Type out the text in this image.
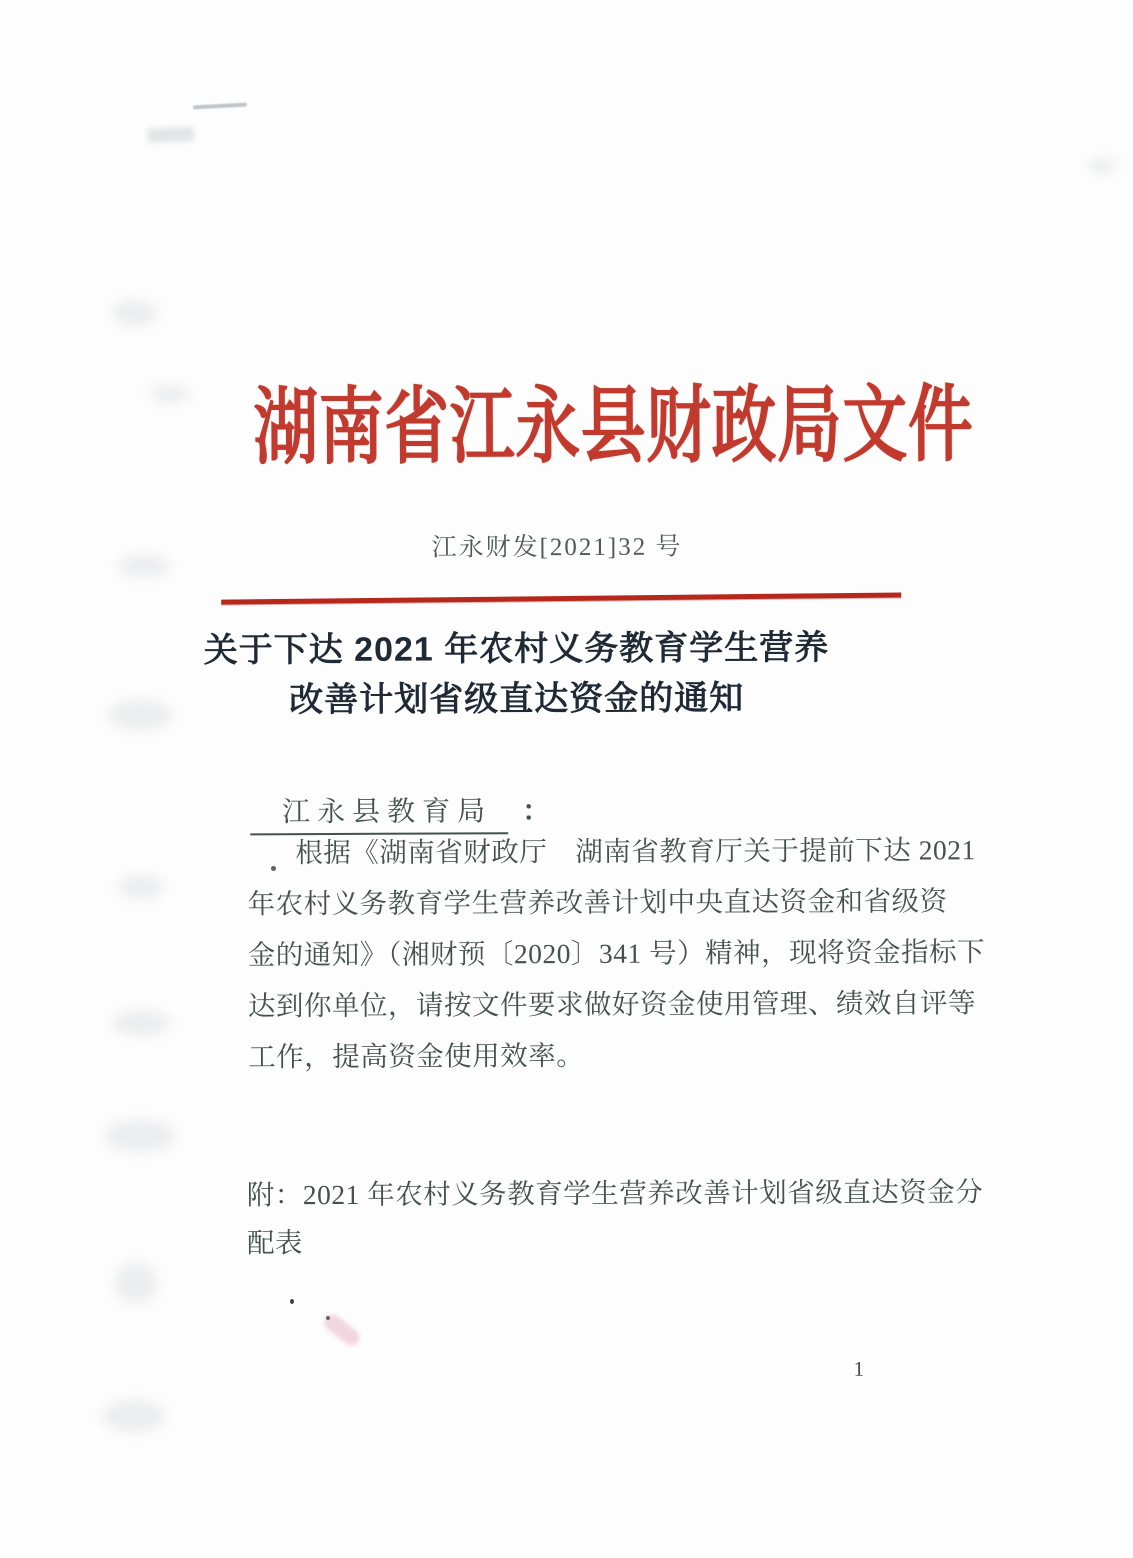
湖南省江永县财政局文件
江永财发[2021]32 号
关于下达 2021 年农村义务教育学生营养
改善计划省级直达资金的通知
江永县教育局 ：
根据《湖南省财政厅　湖南省教育厅关于提前下达 2021
年农村义务教育学生营养改善计划中央直达资金和省级资
金的通知》（湘财预〔2020〕341 号）精神，现将资金指标下
达到你单位，请按文件要求做好资金使用管理、绩效自评等
工作，提高资金使用效率。
附：2021 年农村义务教育学生营养改善计划省级直达资金分
配表
1
